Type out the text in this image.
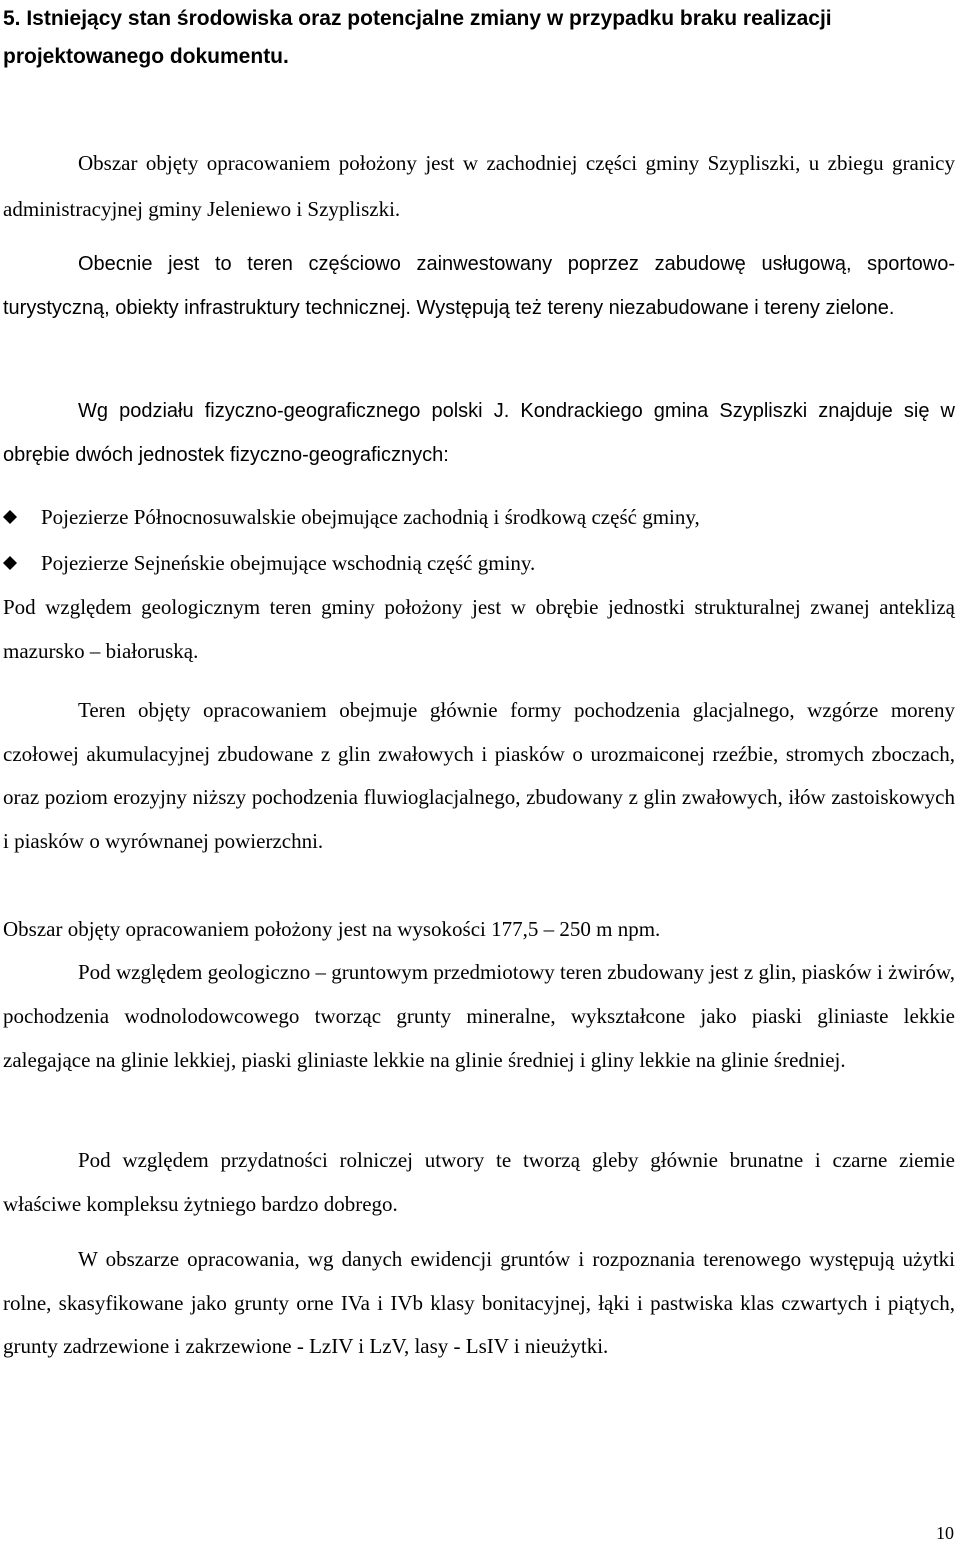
5. Istniejący stan środowiska oraz potencjalne zmiany w przypadku braku realizacji projektowanego dokumentu.

Obszar objęty opracowaniem położony jest w zachodniej części gminy Szypliszki, u zbiegu granicy administracyjnej gminy Jeleniewo i Szypliszki.

Obecnie jest to teren częściowo zainwestowany poprzez zabudowę usługową, sportowo-turystyczną, obiekty infrastruktury technicznej. Występują też tereny niezabudowane i tereny zielone.

Wg podziału fizyczno-geograficznego polski J. Kondrackiego gmina Szypliszki znajduje się w obrębie dwóch jednostek fizyczno-geograficznych:

Pojezierze Północnosuwalskie obejmujące zachodnią i środkową część gminy,
Pojezierze Sejneńskie obejmujące wschodnią część gminy.

Pod względem geologicznym teren gminy położony jest w obrębie jednostki strukturalnej zwanej anteklizą mazursko – białoruską.

Teren objęty opracowaniem obejmuje głównie formy pochodzenia glacjalnego, wzgórze moreny czołowej akumulacyjnej zbudowane z glin zwałowych i piasków o urozmaiconej rzeźbie, stromych zboczach, oraz poziom erozyjny niższy pochodzenia fluwioglacjalnego, zbudowany z glin zwałowych, iłów zastoiskowych i piasków o wyrównanej powierzchni.

Obszar objęty opracowaniem położony jest na wysokości 177,5 – 250 m npm.

Pod względem geologiczno – gruntowym przedmiotowy teren zbudowany jest z glin, piasków i żwirów, pochodzenia wodnolodowcowego tworząc grunty mineralne, wykształcone jako piaski gliniaste lekkie zalegające na glinie lekkiej, piaski gliniaste lekkie na glinie średniej i gliny lekkie na glinie średniej.

Pod względem przydatności rolniczej utwory te tworzą gleby głównie brunatne i czarne ziemie właściwe kompleksu żytniego bardzo dobrego.

W obszarze opracowania, wg danych ewidencji gruntów i rozpoznania terenowego występują użytki rolne, skasyfikowane jako grunty orne IVa i IVb klasy bonitacyjnej, łąki i pastwiska klas czwartych i piątych, grunty zadrzewione i zakrzewione - LzIV i LzV, lasy - LsIV i nieużytki.

10
